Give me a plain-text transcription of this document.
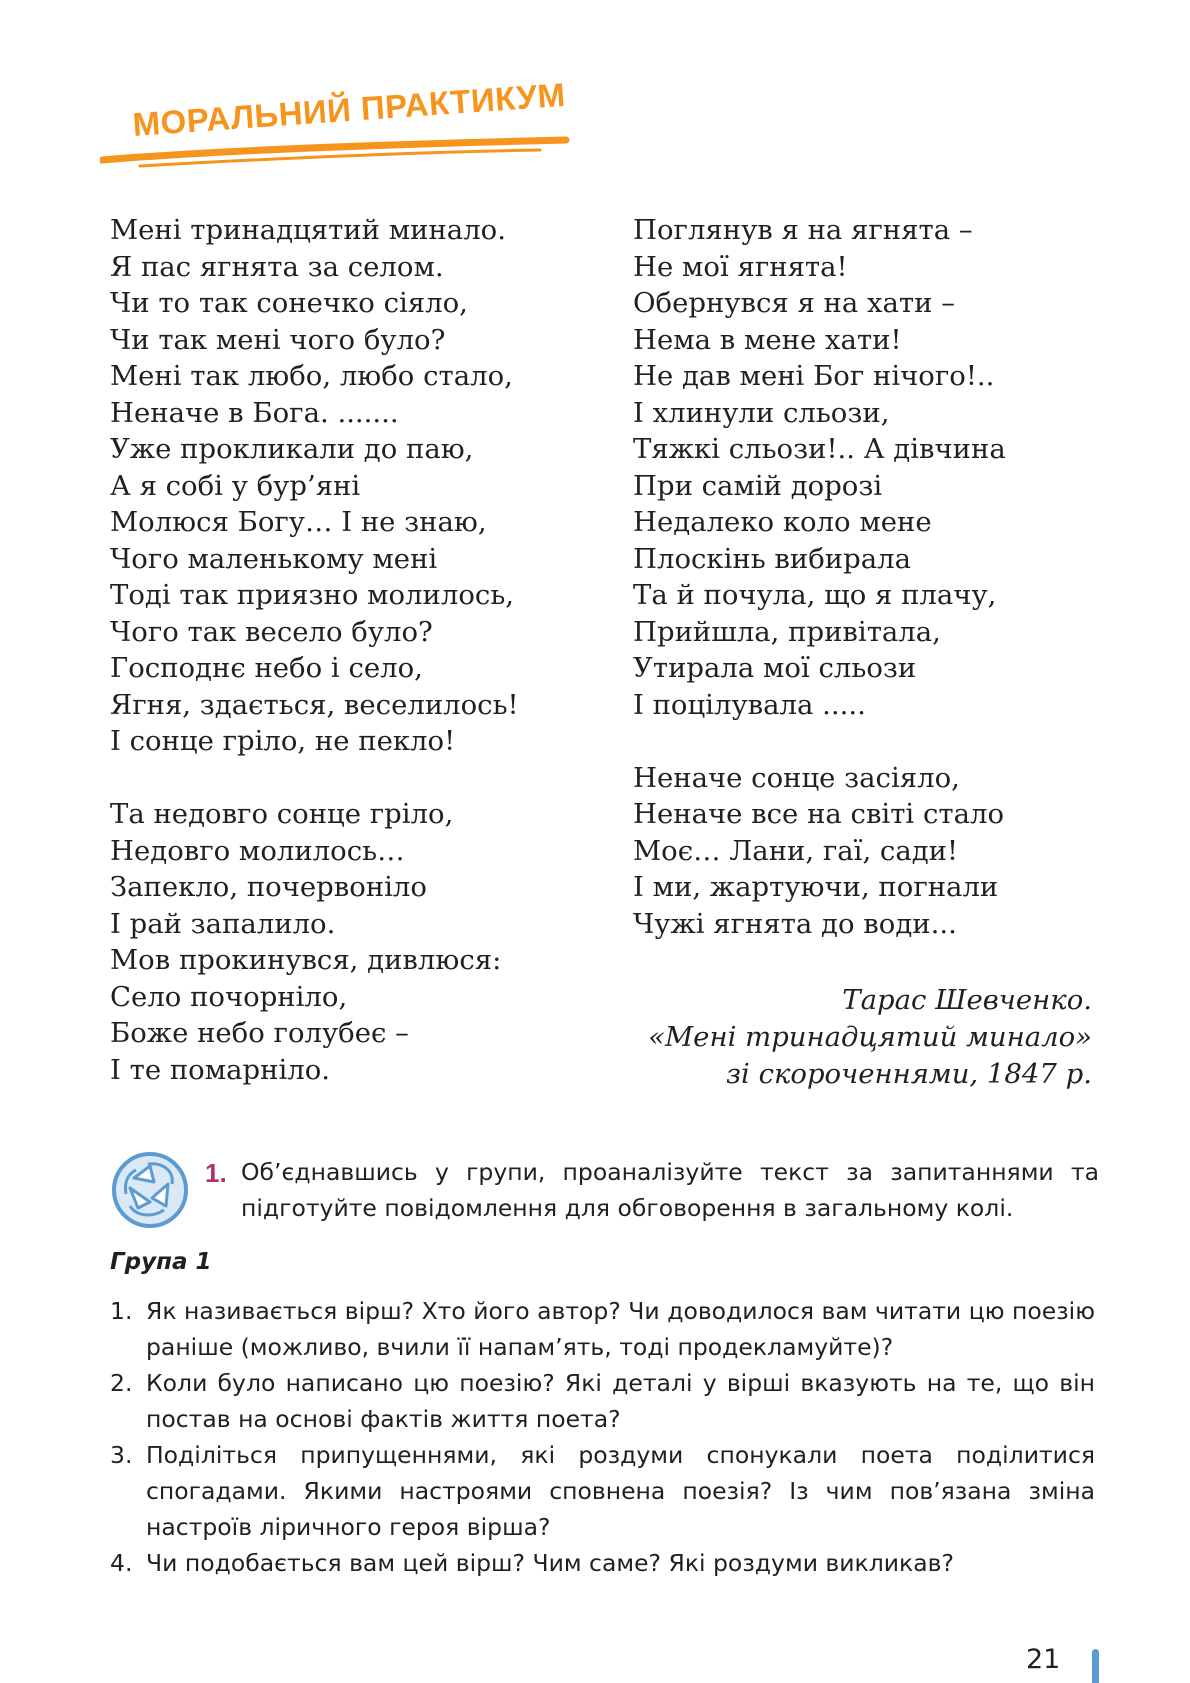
МОРАЛЬНИЙ ПРАКТИКУМ
Мені тринадцятий минало.
Я пас ягнята за селом.
Чи то так сонечко сіяло,
Чи так мені чого було?
Мені так любо, любо стало,
Неначе в Бога. .......
Уже прокликали до паю,
А я собі у бур’яні
Молюся Богу… І не знаю,
Чого маленькому мені
Тоді так приязно молилось,
Чого так весело було?
Господнє небо і село,
Ягня, здається, веселилось!
І сонце гріло, не пекло!
Та недовго сонце гріло,
Недовго молилось…
Запекло, почервоніло
І рай запалило.
Мов прокинувся, дивлюся:
Село почорніло,
Боже небо голубеє –
І те помарніло.
Поглянув я на ягнята –
Не мої ягнята!
Обернувся я на хати –
Нема в мене хати!
Не дав мені Бог нічого!..
І хлинули сльози,
Тяжкі сльози!.. А дівчина
При самій дорозі
Недалеко коло мене
Плоскінь вибирала
Та й почула, що я плачу,
Прийшла, привітала,
Утирала мої сльози
І поцілувала .....
Неначе сонце засіяло,
Неначе все на світі стало
Моє… Лани, гаї, сади!
І ми, жартуючи, погнали
Чужі ягнята до води...
Тарас Шевченко.
«Мені тринадцятий минало»
зі скороченнями, 1847 р.
1. Об’єднавшись у групи, проаналізуйте текст за запитаннями та підготуйте повідомлення для обговорення в загальному колі.
Група 1
1. Як називається вірш? Хто його автор? Чи доводилося вам читати цю поезію раніше (можливо, вчили її напам’ять, тоді продекламуйте)?
2. Коли було написано цю поезію? Які деталі у вірші вказують на те, що він постав на основі фактів життя поета?
3. Поділіться припущеннями, які роздуми спонукали поета поділитися спогадами. Якими настроями сповнена поезія? Із чим пов’язана зміна настроїв ліричного героя вірша?
4. Чи подобається вам цей вірш? Чим саме? Які роздуми викликав?
21
